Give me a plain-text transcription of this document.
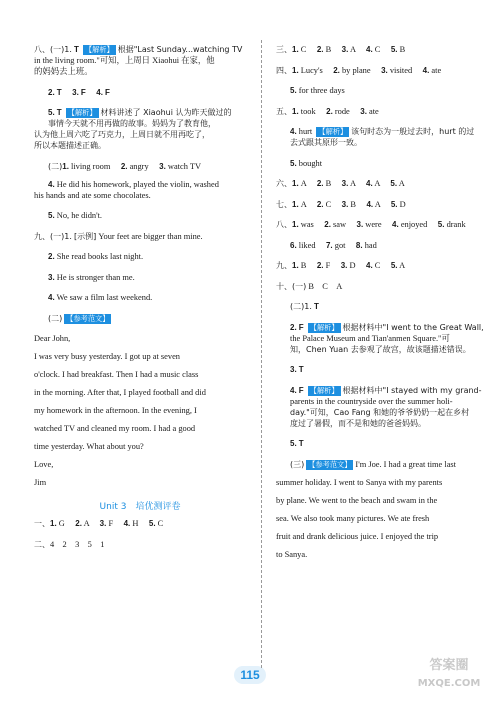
八、(一)1. T 【解析】 根据"Last Sunday...watching TV

in the living room."可知，上周日 Xiaohui 在家，他

的妈妈去上班。

2. T　 3. F　 4. F

5. T 【解析】 材料讲述了 Xiaohui 认为昨天做过的

事情今天就不用再做的故事。妈妈为了教育他，

认为他上周六吃了巧克力，上周日就不用再吃了，

所以本题描述正确。

(二)1. living room　 2. angry　 3. watch TV

4. He did his homework, played the violin, washed

his hands and ate some chocolates.

5. No, he didn't.

九、(一)1. [示例] Your feet are bigger than mine.

2. She read books last night.

3. He is stronger than me.

4. We saw a film last weekend.

(二) 【参考范文】

Dear John,

I was very busy yesterday. I got up at seven

o'clock. I had breakfast. Then I had a music class

in the morning. After that, I played football and did

my homework in the afternoon. In the evening, I

watched TV and cleaned my room. I had a good

time yesterday. What about you?

Love,

Jim

Unit 3　培优测评卷

一、1. G　 2. A　 3. F　 4. H　 5. C

二、4　2　3　5　1

三、1. C　 2. B　 3. A　 4. C　 5. B

四、1. Lucy's　 2. by plane　 3. visited　 4. ate

5. for three days

五、1. took　 2. rode　 3. ate

4. hurt 【解析】 该句时态为一般过去时，hurt 的过

去式跟其原形一致。

5. bought

六、1. A　 2. B　 3. A　 4. A　 5. A

七、1. A　 2. C　 3. B　 4. A　 5. D

八、1. was　 2. saw　 3. were　 4. enjoyed　 5. drank

6. liked　 7. got　 8. had

九、1. B　 2. F　 3. D　 4. C　 5. A

十、(一) B　C　A

(二)1. T

2. F 【解析】 根据材料中"I went to the Great Wall,

the Palace Museum and Tian'anmen Square."可

知，Chen Yuan 去参观了故宫，故该题描述错误。

3. T

4. F 【解析】 根据材料中"I stayed with my grand-

parents in the countryside over the summer holi-

day."可知，Cao Fang 和她的爷爷奶奶一起在乡村

度过了暑假，而不是和她的爸爸妈妈。

5. T

(三) 【参考范文】 I'm Joe. I had a great time last

summer holiday. I went to Sanya with my parents

by plane. We went to the beach and swam in the

sea. We also took many pictures. We ate fresh

fruit and drank delicious juice. I enjoyed the trip

to Sanya.

115
答案圈
MXQE.COM
